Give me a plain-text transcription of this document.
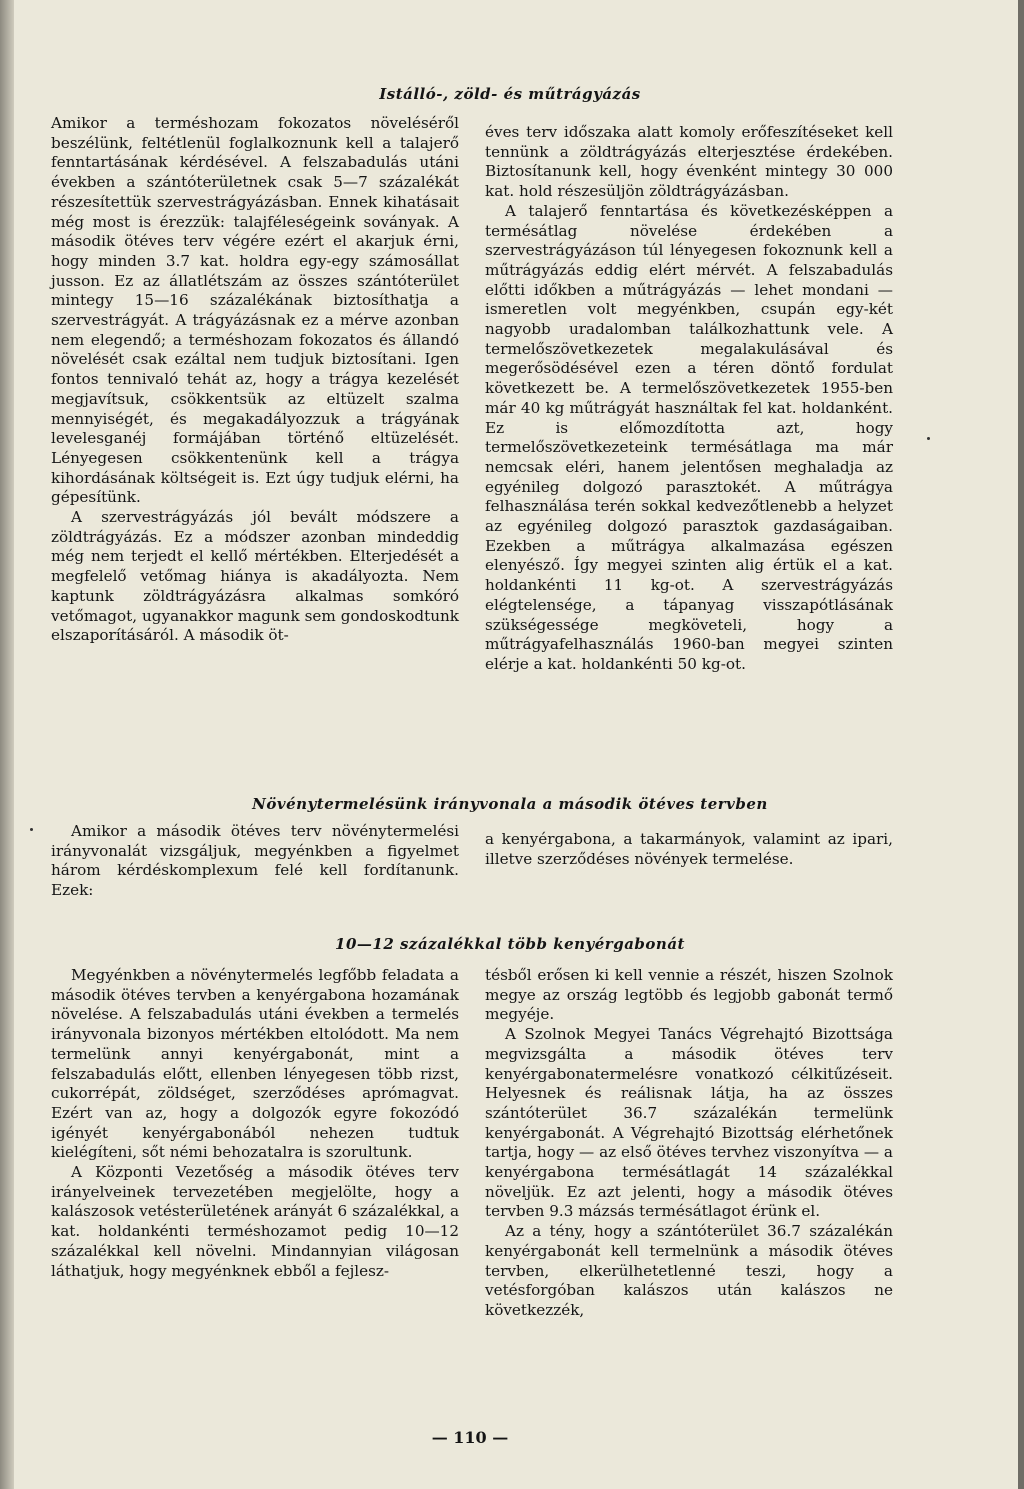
Istálló-, zöld- és műtrágyázás

Amikor a terméshozam fokozatos növeléséről beszélünk, feltétlenül foglalkoznunk kell a talajerő fenntartásának kérdésével. A felszabadulás utáni években a szántóterületnek csak 5—7 százalékát részesítettük szervestrágyázásban. Ennek kihatásait még most is érezzük: talajféleségeink soványak. A második ötéves terv végére ezért el akarjuk érni, hogy minden 3.7 kat. holdra egy-egy számosállat jusson. Ez az állatlétszám az összes szántóterület mintegy 15—16 százalékának biztosíthatja a szervestrágyát. A trágyázásnak ez a mérve azonban nem elegendő; a terméshozam fokozatos és állandó növelését csak ezáltal nem tudjuk biztosítani. Igen fontos tennivaló tehát az, hogy a trágya kezelését megjavítsuk, csökkentsük az eltüzelt szalma mennyiségét, és megakadályozzuk a trágyának levelesganéj formájában történő eltüzelését. Lényegesen csökkentenünk kell a trágya kihordásának költségeit is. Ezt úgy tudjuk elérni, ha gépesítünk.

A szervestrágyázás jól bevált módszere a zöldtrágyázás. Ez a módszer azonban mindeddig még nem terjedt el kellő mértékben. Elterjedését a megfelelő vetőmag hiánya is akadályozta. Nem kaptunk zöldtrágyázásra alkalmas somkóró vetőmagot, ugyanakkor magunk sem gondoskodtunk elszaporításáról. A második öt-

éves terv időszaka alatt komoly erőfeszítéseket kell tennünk a zöldtrágyázás elterjesztése érdekében. Biztosítanunk kell, hogy évenként mintegy 30 000 kat. hold részesüljön zöldtrágyázásban.

A talajerő fenntartása és következésképpen a termésátlag növelése érdekében a szervestrágyázáson túl lényegesen fokoznunk kell a műtrágyázás eddig elért mérvét. A felszabadulás előtti időkben a műtrágyázás — lehet mondani — ismeretlen volt megyénkben, csupán egy-két nagyobb uradalomban találkozhattunk vele. A termelőszövetkezetek megalakulásával és megerősödésével ezen a téren döntő fordulat következett be. A termelőszövetkezetek 1955-ben már 40 kg műtrágyát használtak fel kat. holdanként. Ez is előmozdította azt, hogy termelőszövetkezeteink termésátlaga ma már nemcsak eléri, hanem jelentősen meghaladja az egyénileg dolgozó parasztokét. A műtrágya felhasználása terén sokkal kedvezőtlenebb a helyzet az egyénileg dolgozó parasztok gazdaságaiban. Ezekben a műtrágya alkalmazása egészen elenyésző. Így megyei szinten alig értük el a kat. holdankénti 11 kg-ot. A szervestrágyázás elégtelensége, a tápanyag visszapótlásának szükségessége megköveteli, hogy a műtrágyafelhasználás 1960-ban megyei szinten elérje a kat. holdankénti 50 kg-ot.

Növénytermelésünk irányvonala a második ötéves tervben

Amikor a második ötéves terv növénytermelési irányvonalát vizsgáljuk, megyénkben a figyelmet három kérdéskomplexum felé kell fordítanunk. Ezek:

a kenyérgabona, a takarmányok, valamint az ipari, illetve szerződéses növények termelése.

10—12 százalékkal több kenyérgabonát

Megyénkben a növénytermelés legfőbb feladata a második ötéves tervben a kenyérgabona hozamának növelése. A felszabadulás utáni években a termelés irányvonala bizonyos mértékben eltolódott. Ma nem termelünk annyi kenyérgabonát, mint a felszabadulás előtt, ellenben lényegesen több rizst, cukorrépát, zöldséget, szerződéses aprómagvat. Ezért van az, hogy a dolgozók egyre fokozódó igényét kenyérgabonából nehezen tudtuk kielégíteni, sőt némi behozatalra is szorultunk.

A Központi Vezetőség a második ötéves terv irányelveinek tervezetében megjelölte, hogy a kalászosok vetésterületének arányát 6 százalékkal, a kat. holdankénti terméshozamot pedig 10—12 százalékkal kell növelni. Mindannyian világosan láthatjuk, hogy megyénknek ebből a fejlesz-

tésből erősen ki kell vennie a részét, hiszen Szolnok megye az ország legtöbb és legjobb gabonát termő megyéje.

A Szolnok Megyei Tanács Végrehajtó Bizottsága megvizsgálta a második ötéves terv kenyérgabonatermelésre vonatkozó célkitűzéseit. Helyesnek és reálisnak látja, ha az összes szántóterület 36.7 százalékán termelünk kenyérgabonát. A Végrehajtó Bizottság elérhetőnek tartja, hogy — az első ötéves tervhez viszonyítva — a kenyérgabona termésátlagát 14 százalékkal növeljük. Ez azt jelenti, hogy a második ötéves tervben 9.3 mázsás termésátlagot érünk el.

Az a tény, hogy a szántóterület 36.7 százalékán kenyérgabonát kell termelnünk a második ötéves tervben, elkerülhetetlenné teszi, hogy a vetésforgóban kalászos után kalászos ne következzék,

— 110 —
